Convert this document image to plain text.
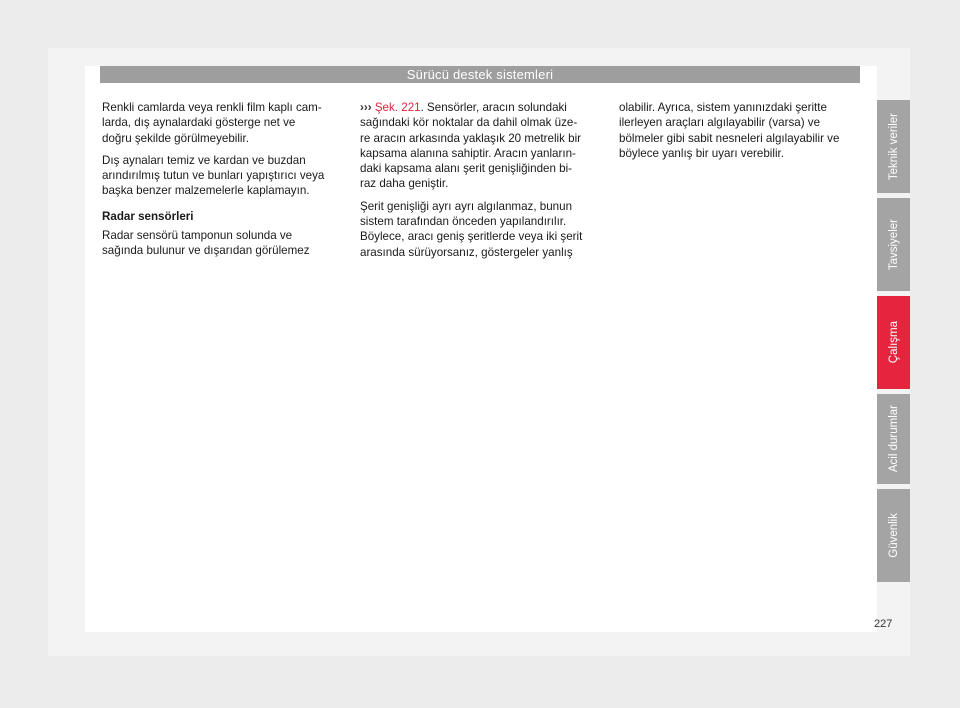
Sürücü destek sistemleri

Renkli camlarda veya renkli film kaplı cam-
larda, dış aynalardaki gösterge net ve
doğru şekilde görülmeyebilir.

Dış aynaları temiz ve kardan ve buzdan
arındırılmış tutun ve bunları yapıştırıcı veya
başka benzer malzemelerle kaplamayın.

Radar sensörleri

Radar sensörü tamponun solunda ve
sağında bulunur ve dışarıdan görülemez

››› Şek. 221. Sensörler, aracın solundaki
sağındaki kör noktalar da dahil olmak üze-
re aracın arkasında yaklaşık 20 metrelik bir
kapsama alanına sahiptir. Aracın yanların-
daki kapsama alanı şerit genişliğinden bi-
raz daha geniştir.

Şerit genişliği ayrı ayrı algılanmaz, bunun
sistem tarafından önceden yapılandırılır.
Böylece, aracı geniş şeritlerde veya iki şerit
arasında sürüyorsanız, göstergeler yanlış

olabilir. Ayrıca, sistem yanınızdaki şeritte
ilerleyen araçları algılayabilir (varsa) ve
bölmeler gibi sabit nesneleri algılayabilir ve
böylece yanlış bir uyarı verebilir.	Teknik veriler
Tavsiyeler
Çalışma
Acil durumlar
Güvenlik
227
